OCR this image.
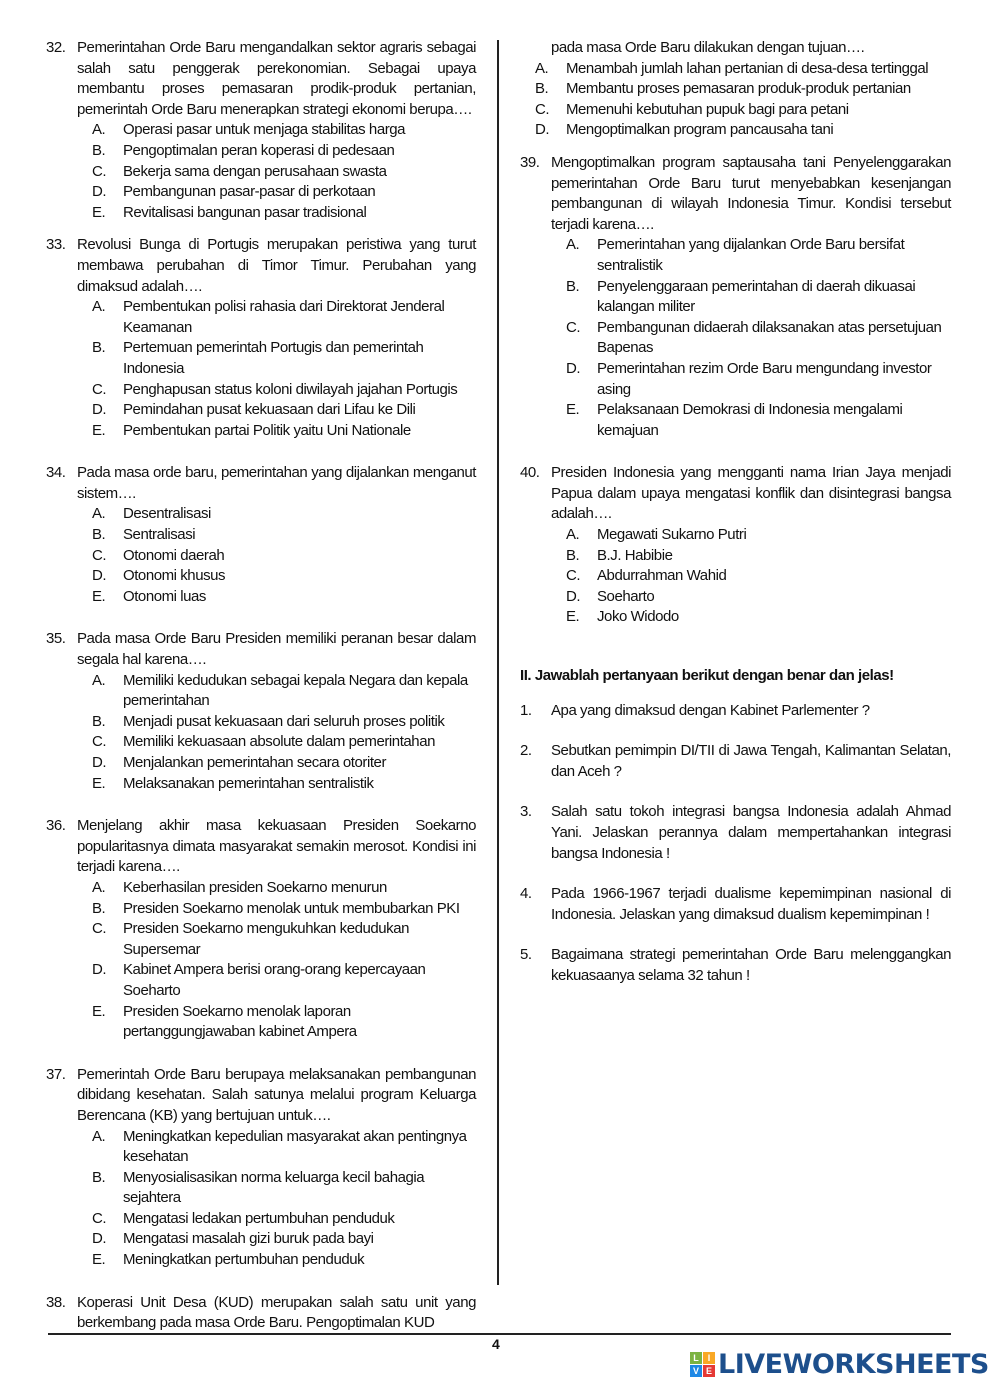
32. Pemerintahan Orde Baru mengandalkan sektor agraris sebagai salah satu penggerak perekonomian. Sebagai upaya membantu proses pemasaran prodik-produk pertanian, pemerintah Orde Baru menerapkan strategi ekonomi berupa….
A. Operasi pasar untuk menjaga stabilitas harga
B. Pengoptimalan peran koperasi di pedesaan
C. Bekerja sama dengan perusahaan swasta
D. Pembangunan pasar-pasar di perkotaan
E. Revitalisasi bangunan pasar tradisional
33. Revolusi Bunga di Portugis merupakan peristiwa yang turut membawa perubahan di Timor Timur. Perubahan yang dimaksud adalah….
A. Pembentukan polisi rahasia dari Direktorat Jenderal Keamanan
B. Pertemuan pemerintah Portugis dan pemerintah Indonesia
C. Penghapusan status koloni diwilayah jajahan Portugis
D. Pemindahan pusat kekuasaan dari Lifau ke Dili
E. Pembentukan partai Politik yaitu Uni Nationale
34. Pada masa orde baru, pemerintahan yang dijalankan menganut sistem….
A. Desentralisasi
B. Sentralisasi
C. Otonomi daerah
D. Otonomi khusus
E. Otonomi luas
35. Pada masa Orde Baru Presiden memiliki peranan besar dalam segala hal karena….
A. Memiliki kedudukan sebagai kepala Negara dan kepala pemerintahan
B. Menjadi pusat kekuasaan dari seluruh proses politik
C. Memiliki kekuasaan absolute dalam pemerintahan
D. Menjalankan pemerintahan secara otoriter
E. Melaksanakan pemerintahan sentralistik
36. Menjelang akhir masa kekuasaan Presiden Soekarno popularitasnya dimata masyarakat semakin merosot. Kondisi ini terjadi karena….
A. Keberhasilan presiden Soekarno menurun
B. Presiden Soekarno menolak untuk membubarkan PKI
C. Presiden Soekarno mengukuhkan kedudukan Supersemar
D. Kabinet Ampera berisi orang-orang kepercayaan Soeharto
E. Presiden Soekarno menolak laporan pertanggungjawaban kabinet Ampera
37. Pemerintah Orde Baru berupaya melaksanakan pembangunan dibidang kesehatan. Salah satunya melalui program Keluarga Berencana (KB) yang bertujuan untuk….
A. Meningkatkan kepedulian masyarakat akan pentingnya kesehatan
B. Menyosialisasikan norma keluarga kecil bahagia sejahtera
C. Mengatasi ledakan pertumbuhan penduduk
D. Mengatasi masalah gizi buruk pada bayi
E. Meningkatkan pertumbuhan penduduk
38. Koperasi Unit Desa (KUD) merupakan salah satu unit yang berkembang pada masa Orde Baru. Pengoptimalan KUD
pada masa Orde Baru dilakukan dengan tujuan….
A. Menambah jumlah lahan pertanian di desa-desa tertinggal
B. Membantu proses pemasaran produk-produk pertanian
C. Memenuhi kebutuhan pupuk bagi para petani
D. Mengoptimalkan program pancausaha tani
39. Mengoptimalkan program saptausaha tani Penyelenggarakan pemerintahan Orde Baru turut menyebabkan kesenjangan pembangunan di wilayah Indonesia Timur. Kondisi tersebut terjadi karena….
A. Pemerintahan yang dijalankan Orde Baru bersifat sentralistik
B. Penyelenggaraan pemerintahan di daerah dikuasai kalangan militer
C. Pembangunan didaerah dilaksanakan atas persetujuan Bapenas
D. Pemerintahan rezim Orde Baru mengundang investor asing
E. Pelaksanaan Demokrasi di Indonesia mengalami kemajuan
40. Presiden Indonesia yang mengganti nama Irian Jaya menjadi Papua dalam upaya mengatasi konflik dan disintegrasi bangsa adalah….
A. Megawati Sukarno Putri
B. B.J. Habibie
C. Abdurrahman Wahid
D. Soeharto
E. Joko Widodo
II. Jawablah pertanyaan berikut dengan benar dan jelas!
1. Apa yang dimaksud dengan Kabinet Parlementer ?
2. Sebutkan pemimpin DI/TII di Jawa Tengah, Kalimantan Selatan, dan Aceh ?
3. Salah satu tokoh integrasi bangsa Indonesia adalah Ahmad Yani. Jelaskan perannya dalam mempertahankan integrasi bangsa Indonesia !
4. Pada 1966-1967 terjadi dualisme kepemimpinan nasional di Indonesia. Jelaskan yang dimaksud dualism kepemimpinan !
5. Bagaimana strategi pemerintahan Orde Baru melenggangkan kekuasaanya selama 32 tahun !
4
L I
V E LIVEWORKSHEETS
